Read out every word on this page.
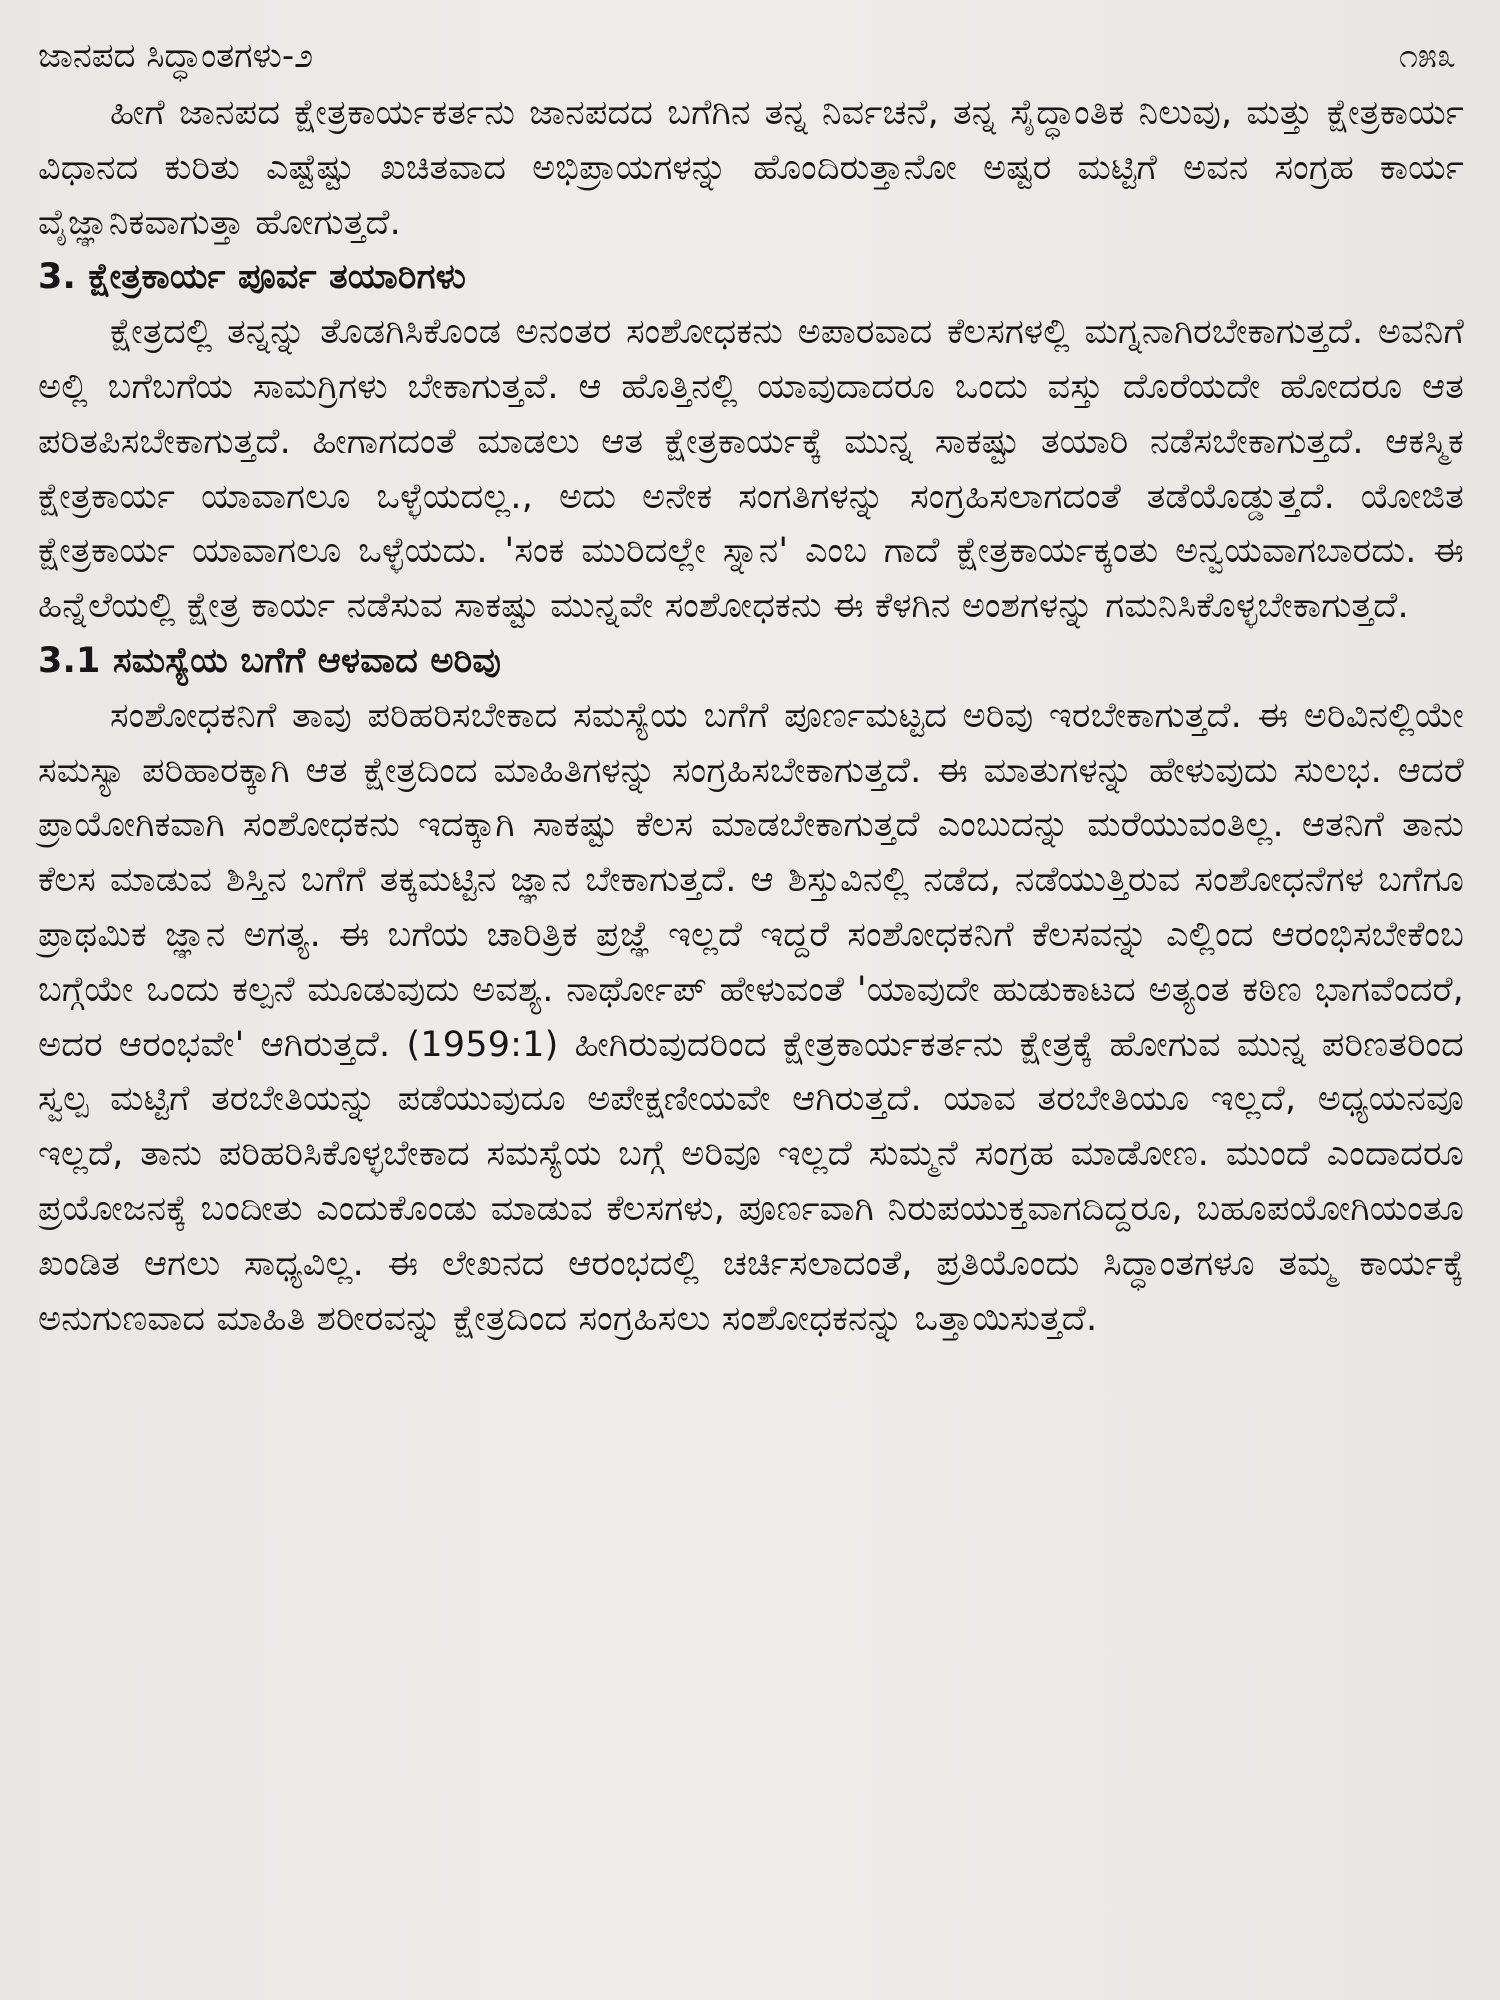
ಜಾನಪದ ಸಿದ್ಧಾಂತಗಳು-೨	೧೫೩

ಹೀಗೆ ಜಾನಪದ ಕ್ಷೇತ್ರಕಾರ್ಯಕರ್ತನು ಜಾನಪದದ ಬಗೆಗಿನ ತನ್ನ ನಿರ್ವಚನೆ, ತನ್ನ ಸೈದ್ಧಾಂತಿಕ ನಿಲುವು, ಮತ್ತು ಕ್ಷೇತ್ರಕಾರ್ಯ ವಿಧಾನದ ಕುರಿತು ಎಷ್ಟೆಷ್ಟು ಖಚಿತವಾದ ಅಭಿಪ್ರಾಯಗಳನ್ನು ಹೊಂದಿರುತ್ತಾನೋ ಅಷ್ಟರ ಮಟ್ಟಿಗೆ ಅವನ ಸಂಗ್ರಹ ಕಾರ್ಯ ವೈಜ್ಞಾನಿಕವಾಗುತ್ತಾ ಹೋಗುತ್ತದೆ.

3. ಕ್ಷೇತ್ರಕಾರ್ಯ ಪೂರ್ವ ತಯಾರಿಗಳು

ಕ್ಷೇತ್ರದಲ್ಲಿ ತನ್ನನ್ನು ತೊಡಗಿಸಿಕೊಂಡ ಅನಂತರ ಸಂಶೋಧಕನು ಅಪಾರವಾದ ಕೆಲಸಗಳಲ್ಲಿ ಮಗ್ನನಾಗಿರಬೇಕಾಗುತ್ತದೆ. ಅವನಿಗೆ ಅಲ್ಲಿ ಬಗೆಬಗೆಯ ಸಾಮಗ್ರಿಗಳು ಬೇಕಾಗುತ್ತವೆ. ಆ ಹೊತ್ತಿನಲ್ಲಿ ಯಾವುದಾದರೂ ಒಂದು ವಸ್ತು ದೊರೆಯದೇ ಹೋದರೂ ಆತ ಪರಿತಪಿಸಬೇಕಾಗುತ್ತದೆ. ಹೀಗಾಗದಂತೆ ಮಾಡಲು ಆತ ಕ್ಷೇತ್ರಕಾರ್ಯಕ್ಕೆ ಮುನ್ನ ಸಾಕಷ್ಟು ತಯಾರಿ ನಡೆಸಬೇಕಾಗುತ್ತದೆ. ಆಕಸ್ಮಿಕ ಕ್ಷೇತ್ರಕಾರ್ಯ ಯಾವಾಗಲೂ ಒಳ್ಳೆಯದಲ್ಲ., ಅದು ಅನೇಕ ಸಂಗತಿಗಳನ್ನು ಸಂಗ್ರಹಿಸಲಾಗದಂತೆ ತಡೆಯೊಡ್ಡುತ್ತದೆ. ಯೋಜಿತ ಕ್ಷೇತ್ರಕಾರ್ಯ ಯಾವಾಗಲೂ ಒಳ್ಳೆಯದು. 'ಸಂಕ ಮುರಿದಲ್ಲೇ ಸ್ನಾನ' ಎಂಬ ಗಾದೆ ಕ್ಷೇತ್ರಕಾರ್ಯಕ್ಕಂತು ಅನ್ವಯವಾಗಬಾರದು. ಈ ಹಿನ್ನೆಲೆಯಲ್ಲಿ ಕ್ಷೇತ್ರ ಕಾರ್ಯ ನಡೆಸುವ ಸಾಕಷ್ಟು ಮುನ್ನವೇ ಸಂಶೋಧಕನು ಈ ಕೆಳಗಿನ ಅಂಶಗಳನ್ನು ಗಮನಿಸಿಕೊಳ್ಳಬೇಕಾಗುತ್ತದೆ.

3.1 ಸಮಸ್ಯೆಯ ಬಗೆಗೆ ಆಳವಾದ ಅರಿವು

ಸಂಶೋಧಕನಿಗೆ ತಾವು ಪರಿಹರಿಸಬೇಕಾದ ಸಮಸ್ಯೆಯ ಬಗೆಗೆ ಪೂರ್ಣಮಟ್ಟದ ಅರಿವು ಇರಬೇಕಾಗುತ್ತದೆ. ಈ ಅರಿವಿನಲ್ಲಿಯೇ ಸಮಸ್ಯಾ ಪರಿಹಾರಕ್ಕಾಗಿ ಆತ ಕ್ಷೇತ್ರದಿಂದ ಮಾಹಿತಿಗಳನ್ನು ಸಂಗ್ರಹಿಸಬೇಕಾಗುತ್ತದೆ. ಈ ಮಾತುಗಳನ್ನು ಹೇಳುವುದು ಸುಲಭ. ಆದರೆ ಪ್ರಾಯೋಗಿಕವಾಗಿ ಸಂಶೋಧಕನು ಇದಕ್ಕಾಗಿ ಸಾಕಷ್ಟು ಕೆಲಸ ಮಾಡಬೇಕಾಗುತ್ತದೆ ಎಂಬುದನ್ನು ಮರೆಯುವಂತಿಲ್ಲ. ಆತನಿಗೆ ತಾನು ಕೆಲಸ ಮಾಡುವ ಶಿಸ್ತಿನ ಬಗೆಗೆ ತಕ್ಕಮಟ್ಟಿನ ಜ್ಞಾನ ಬೇಕಾಗುತ್ತದೆ. ಆ ಶಿಸ್ತುವಿನಲ್ಲಿ ನಡೆದ, ನಡೆಯುತ್ತಿರುವ ಸಂಶೋಧನೆಗಳ ಬಗೆಗೂ ಪ್ರಾಥಮಿಕ ಜ್ಞಾನ ಅಗತ್ಯ. ಈ ಬಗೆಯ ಚಾರಿತ್ರಿಕ ಪ್ರಜ್ಞೆ ಇಲ್ಲದೆ ಇದ್ದರೆ ಸಂಶೋಧಕನಿಗೆ ಕೆಲಸವನ್ನು ಎಲ್ಲಿಂದ ಆರಂಭಿಸಬೇಕೆಂಬ ಬಗ್ಗೆಯೇ ಒಂದು ಕಲ್ಪನೆ ಮೂಡುವುದು ಅವಶ್ಯ. ನಾರ್ಥೋಪ್ ಹೇಳುವಂತೆ 'ಯಾವುದೇ ಹುಡುಕಾಟದ ಅತ್ಯಂತ ಕಠಿಣ ಭಾಗವೆಂದರೆ, ಅದರ ಆರಂಭವೇ' ಆಗಿರುತ್ತದೆ. (1959:1) ಹೀಗಿರುವುದರಿಂದ ಕ್ಷೇತ್ರಕಾರ್ಯಕರ್ತನು ಕ್ಷೇತ್ರಕ್ಕೆ ಹೋಗುವ ಮುನ್ನ ಪರಿಣತರಿಂದ ಸ್ವಲ್ಪ ಮಟ್ಟಿಗೆ ತರಬೇತಿಯನ್ನು ಪಡೆಯುವುದೂ ಅಪೇಕ್ಷಣೀಯವೇ ಆಗಿರುತ್ತದೆ. ಯಾವ ತರಬೇತಿಯೂ ಇಲ್ಲದೆ, ಅಧ್ಯಯನವೂ ಇಲ್ಲದೆ, ತಾನು ಪರಿಹರಿಸಿಕೊಳ್ಳಬೇಕಾದ ಸಮಸ್ಯೆಯ ಬಗ್ಗೆ ಅರಿವೂ ಇಲ್ಲದೆ ಸುಮ್ಮನೆ ಸಂಗ್ರಹ ಮಾಡೋಣ. ಮುಂದೆ ಎಂದಾದರೂ ಪ್ರಯೋಜನಕ್ಕೆ ಬಂದೀತು ಎಂದುಕೊಂಡು ಮಾಡುವ ಕೆಲಸಗಳು, ಪೂರ್ಣವಾಗಿ ನಿರುಪಯುಕ್ತವಾಗದಿದ್ದರೂ, ಬಹೂಪಯೋಗಿಯಂತೂ ಖಂಡಿತ ಆಗಲು ಸಾಧ್ಯವಿಲ್ಲ. ಈ ಲೇಖನದ ಆರಂಭದಲ್ಲಿ ಚರ್ಚಿಸಲಾದಂತೆ, ಪ್ರತಿಯೊಂದು ಸಿದ್ಧಾಂತಗಳೂ ತಮ್ಮ ಕಾರ್ಯಕ್ಕೆ ಅನುಗುಣವಾದ ಮಾಹಿತಿ ಶರೀರವನ್ನು ಕ್ಷೇತ್ರದಿಂದ ಸಂಗ್ರಹಿಸಲು ಸಂಶೋಧಕನನ್ನು ಒತ್ತಾಯಿಸುತ್ತದೆ.
